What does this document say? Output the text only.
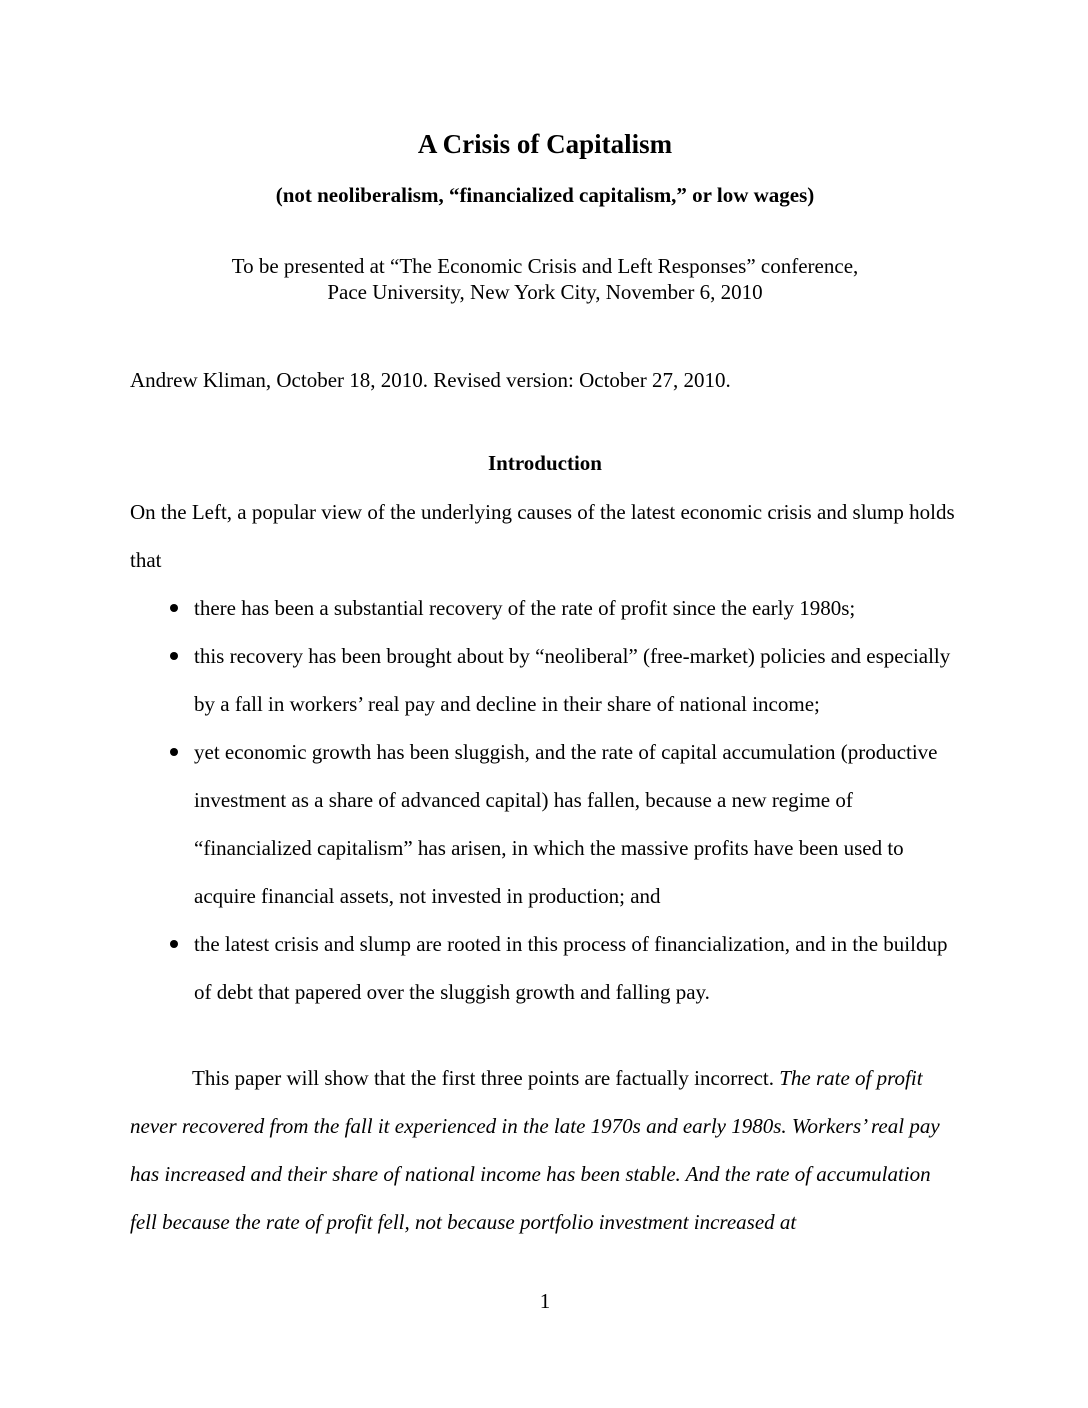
A Crisis of Capitalism
(not neoliberalism, “financialized capitalism,” or low wages)
To be presented at “The Economic Crisis and Left Responses” conference,
Pace University, New York City, November 6, 2010
Andrew Kliman, October 18, 2010. Revised version: October 27, 2010.
Introduction
On the Left, a popular view of the underlying causes of the latest economic crisis and slump holds that
there has been a substantial recovery of the rate of profit since the early 1980s;
this recovery has been brought about by “neoliberal” (free-market) policies and especially by a fall in workers’ real pay and decline in their share of national income;
yet economic growth has been sluggish, and the rate of capital accumulation (productive investment as a share of advanced capital) has fallen, because a new regime of “financialized capitalism” has arisen, in which the massive profits have been used to acquire financial assets, not invested in production; and
the latest crisis and slump are rooted in this process of financialization, and in the buildup of debt that papered over the sluggish growth and falling pay.
This paper will show that the first three points are factually incorrect. The rate of profit never recovered from the fall it experienced in the late 1970s and early 1980s. Workers’ real pay has increased and their share of national income has been stable. And the rate of accumulation fell because the rate of profit fell, not because portfolio investment increased at
1
